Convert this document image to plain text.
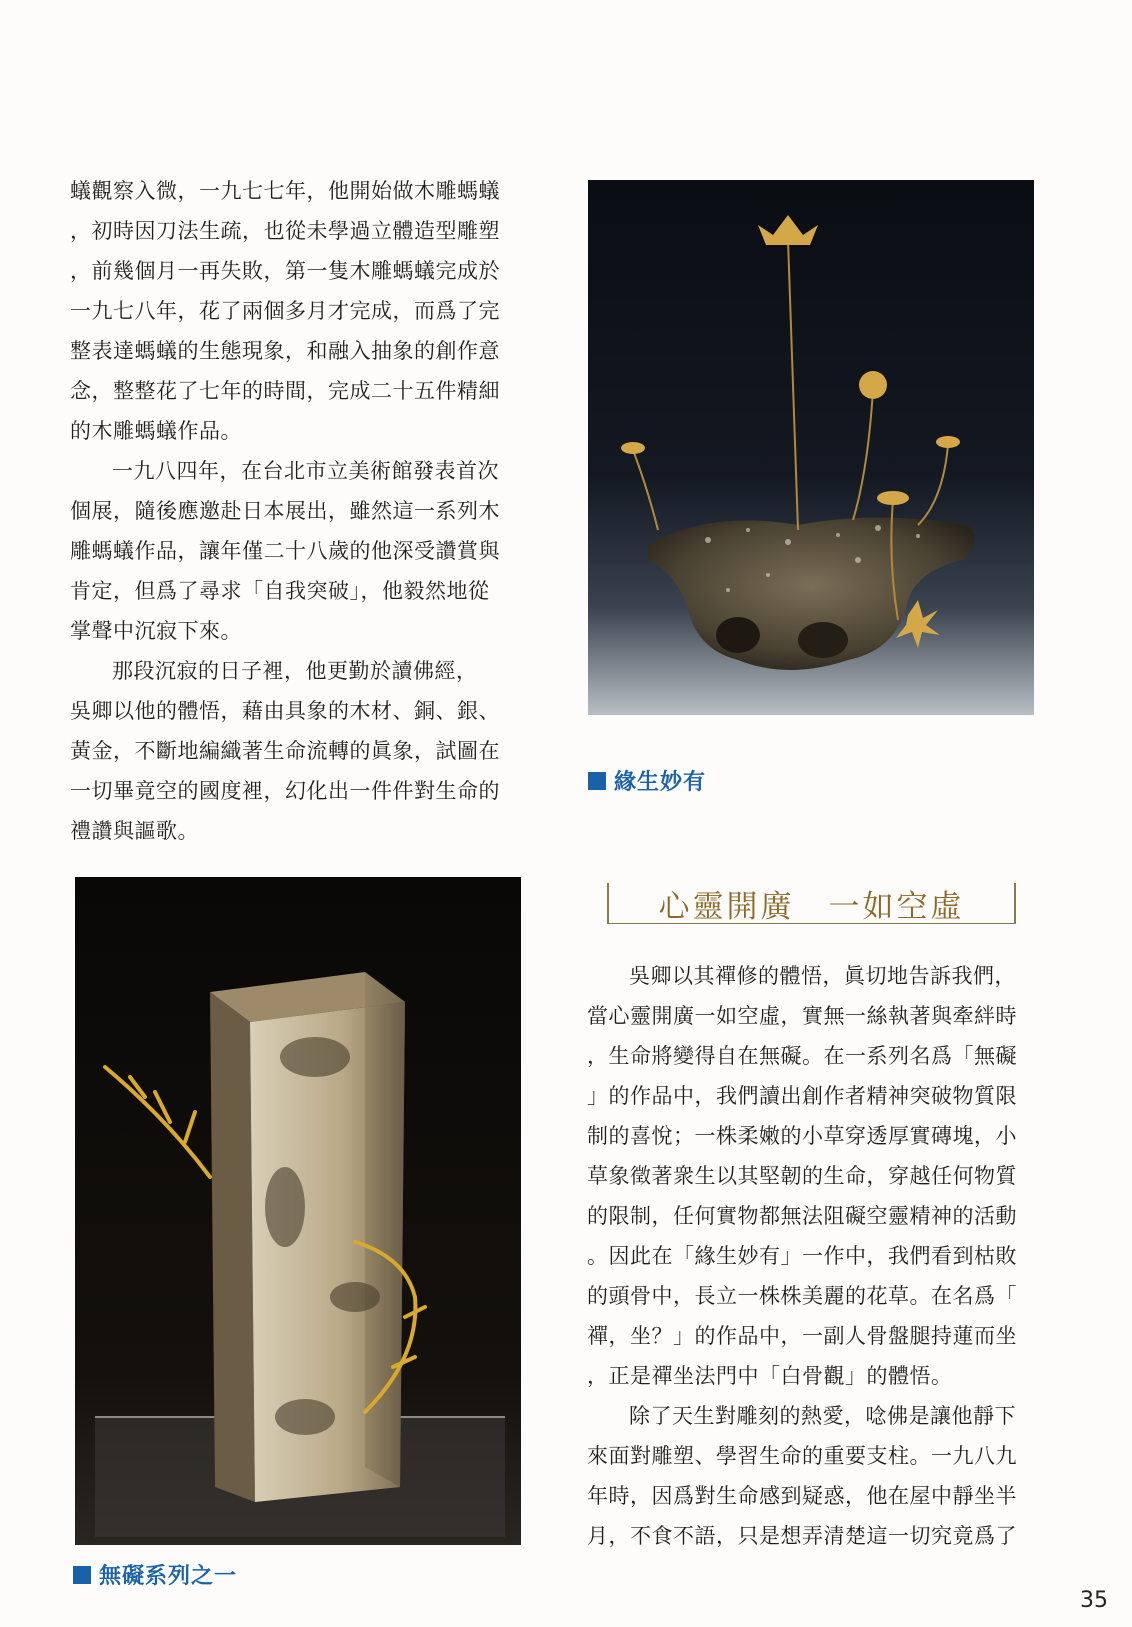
蟻觀察入微，一九七七年，他開始做木雕螞蟻
，初時因刀法生疏，也從未學過立體造型雕塑
，前幾個月一再失敗，第一隻木雕螞蟻完成於
一九七八年，花了兩個多月才完成，而爲了完
整表達螞蟻的生態現象，和融入抽象的創作意
念，整整花了七年的時間，完成二十五件精細
的木雕螞蟻作品。

一九八四年，在台北市立美術館發表首次
個展，隨後應邀赴日本展出，雖然這一系列木
雕螞蟻作品，讓年僅二十八歲的他深受讚賞與
肯定，但爲了尋求「自我突破」，他毅然地從
掌聲中沉寂下來。

那段沉寂的日子裡，他更勤於讀佛經，
吳卿以他的體悟，藉由具象的木材、銅、銀、
黃金，不斷地編織著生命流轉的眞象，試圖在
一切畢竟空的國度裡，幻化出一件件對生命的
禮讚與謳歌。

緣生妙有
無礙系列之一
心靈開廣　一如空虛

吳卿以其禪修的體悟，眞切地告訴我們，
當心靈開廣一如空虛，實無一絲執著與牽絆時
，生命將變得自在無礙。在一系列名爲「無礙
」的作品中，我們讀出創作者精神突破物質限
制的喜悅；一株柔嫩的小草穿透厚實磚塊，小
草象徵著衆生以其堅韌的生命，穿越任何物質
的限制，任何實物都無法阻礙空靈精神的活動
。因此在「緣生妙有」一作中，我們看到枯敗
的頭骨中，長立一株株美麗的花草。在名爲「
禪，坐？」的作品中，一副人骨盤腿持蓮而坐
，正是禪坐法門中「白骨觀」的體悟。

除了天生對雕刻的熱愛，唸佛是讓他靜下
來面對雕塑、學習生命的重要支柱。一九八九
年時，因爲對生命感到疑惑，他在屋中靜坐半
月，不食不語，只是想弄清楚這一切究竟爲了

35
